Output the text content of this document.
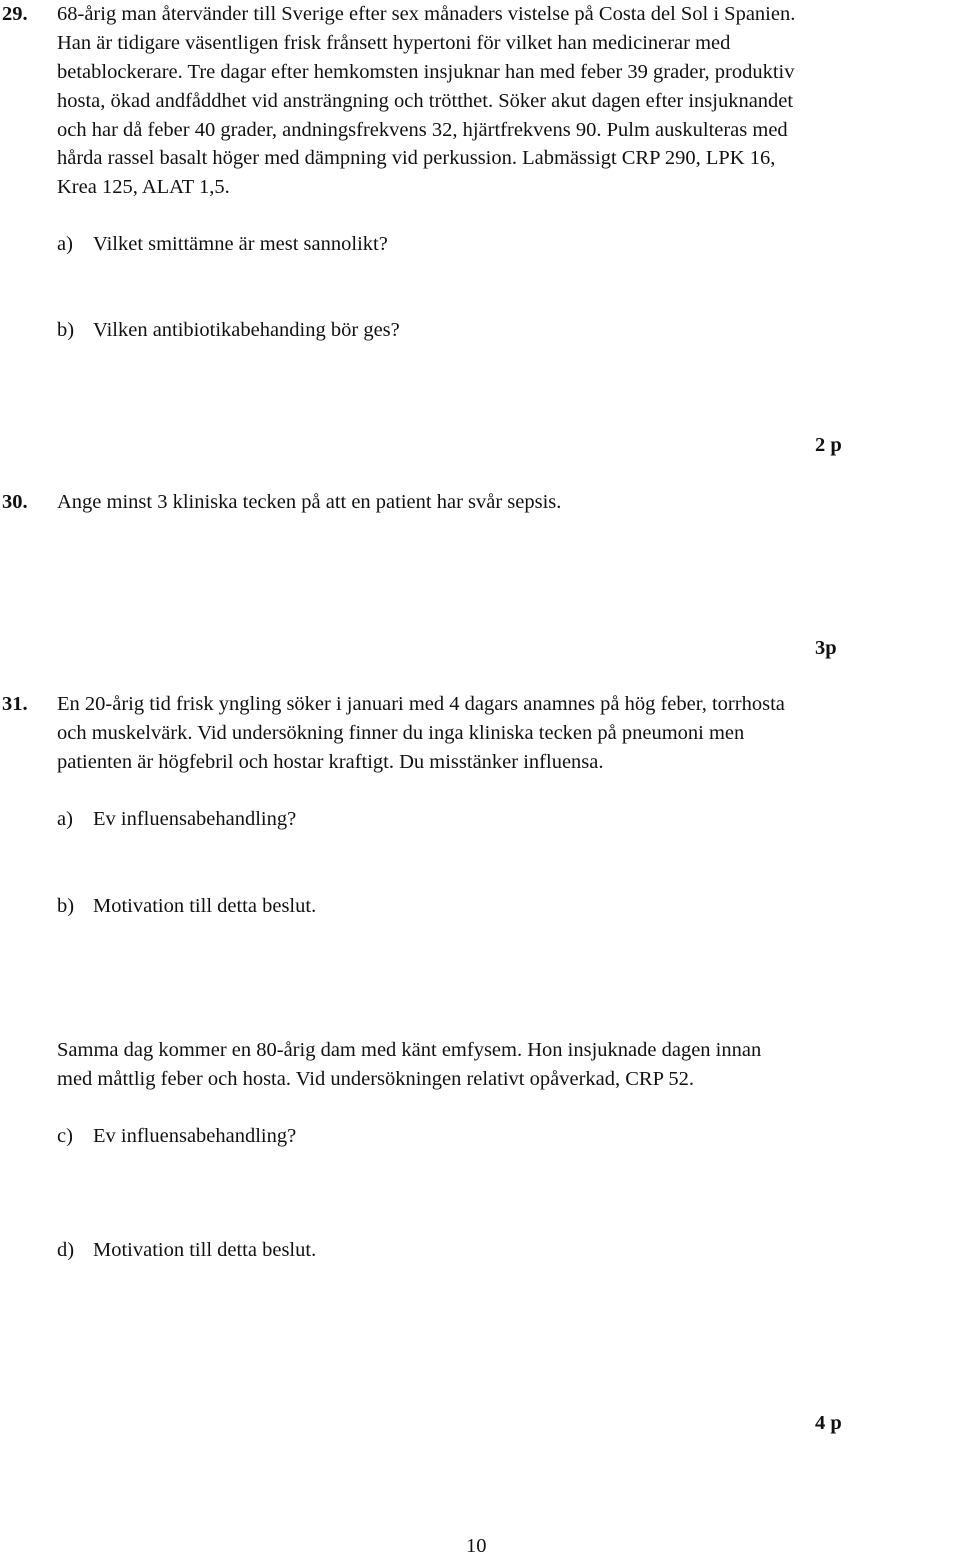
29. 68-årig man återvänder till Sverige efter sex månaders vistelse på Costa del Sol i Spanien.
Han är tidigare väsentligen frisk frånsett hypertoni för vilket han medicinerar med
betablockerare. Tre dagar efter hemkomsten insjuknar han med feber 39 grader, produktiv
hosta, ökad andfåddhet vid ansträngning och trötthet. Söker akut dagen efter insjuknandet
och har då feber 40 grader, andningsfrekvens 32, hjärtfrekvens 90. Pulm auskulteras med
hårda rassel basalt höger med dämpning vid perkussion. Labmässigt CRP 290, LPK 16,
Krea 125, ALAT 1,5.
a) Vilket smittämne är mest sannolikt?
b) Vilken antibiotikabehanding bör ges?
2 p
30. Ange minst 3 kliniska tecken på att en patient har svår sepsis.
3p
31. En 20-årig tid frisk yngling söker i januari med 4 dagars anamnes på hög feber, torrhosta
och muskelvärk. Vid undersökning finner du inga kliniska tecken på pneumoni men
patienten är högfebril och hostar kraftigt. Du misstänker influensa.
a) Ev influensabehandling?
b) Motivation till detta beslut.
Samma dag kommer en 80-årig dam med känt emfysem. Hon insjuknade dagen innan
med måttlig feber och hosta. Vid undersökningen relativt opåverkad, CRP 52.
c) Ev influensabehandling?
d) Motivation till detta beslut.
4 p
10
